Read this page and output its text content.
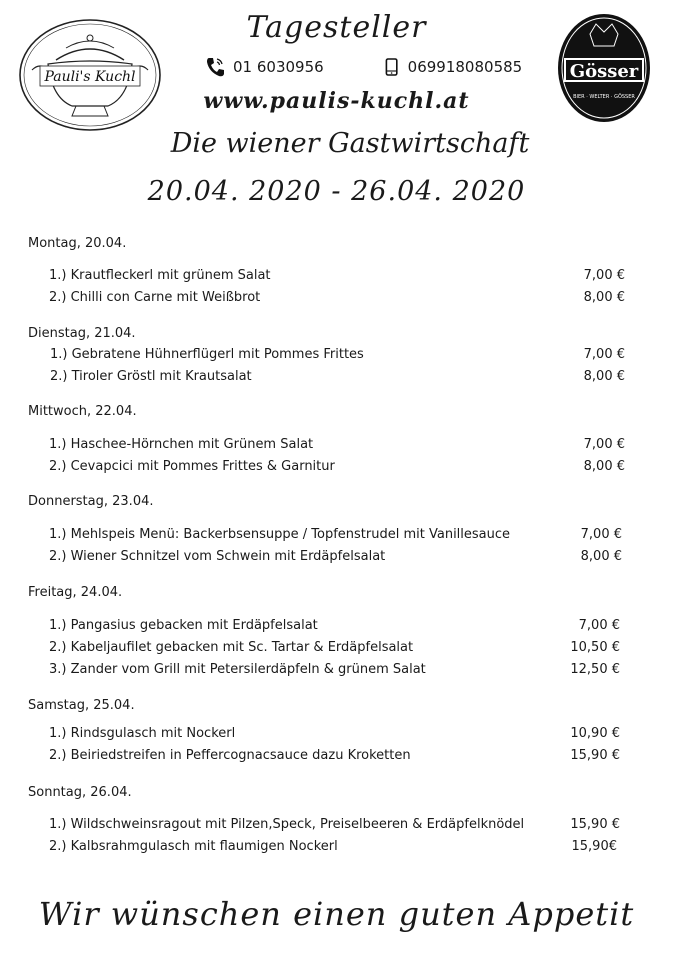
Pauli's Kuchl	Gösser
BIER · WELTER · GÖSSER
Tagesteller
01 6030956	069918080585
www.paulis-kuchl.at
Die wiener Gastwirtschaft
20.04. 2020 - 26.04. 2020
Montag, 20.04.
1.) Krautfleckerl mit grünem Salat	7,00 €
2.) Chilli con Carne mit Weißbrot	8,00 €
Dienstag, 21.04.
1.) Gebratene Hühnerflügerl mit Pommes Frittes	7,00 €
2.) Tiroler Gröstl mit Krautsalat	8,00 €
Mittwoch, 22.04.
1.) Haschee-Hörnchen mit Grünem Salat	7,00 €
2.) Cevapcici mit Pommes Frittes & Garnitur	8,00 €
Donnerstag, 23.04.
1.) Mehlspeis Menü: Backerbsensuppe / Topfenstrudel mit Vanillesauce	7,00 €
2.) Wiener Schnitzel vom Schwein mit Erdäpfelsalat	8,00 €
Freitag, 24.04.
1.) Pangasius gebacken mit Erdäpfelsalat	7,00 €
2.) Kabeljaufilet gebacken mit Sc. Tartar & Erdäpfelsalat	10,50 €
3.) Zander vom Grill mit Petersilerdäpfeln & grünem Salat	12,50 €
Samstag, 25.04.
1.) Rindsgulasch mit Nockerl	10,90 €
2.) Beiriedstreifen in Peffercognacsauce dazu Kroketten	15,90 €
Sonntag, 26.04.
1.) Wildschweinsragout mit Pilzen,Speck, Preiselbeeren & Erdäpfelknödel	15,90 €
2.) Kalbsrahmgulasch mit flaumigen Nockerl	15,90€
Wir wünschen einen guten Appetit
